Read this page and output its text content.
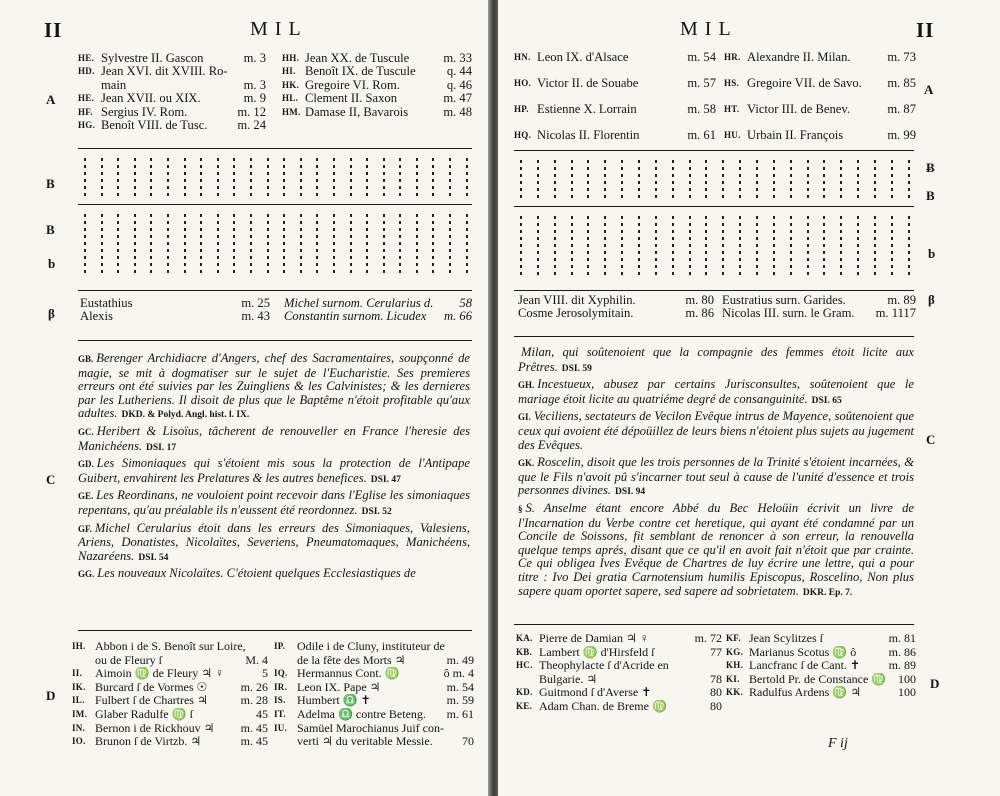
II	MIL
A
B
B
b
β
C
D
HE. Sylvestre II. Gascon	m. 3
HD. Jean XVI. dit XVIII. Ro-
main	m. 3
HE. Jean XVII. ou XIX.	m. 9
HF. Sergius IV. Rom.	m. 12
HG. Benoît VIII. de Tusc.	m. 24
HH. Jean XX. de Tuscule	m. 33
HI. Benoît IX. de Tuscule	q. 44
HK. Gregoire VI. Rom.	q. 46
HL. Clement II. Saxon	m. 47
HM. Damase II, Bavarois	m. 48
Eustathius	m. 25
Alexis	m. 43
Michel surnom. Cerularius d.	58
Constantin surnom. Licudex	m. 66

GB. Berenger Archidiacre d'Angers, chef des Sacramentaires, soupçonné de magie, se mit à dogmatiser sur le sujet de l'Eucharistie. Ses premieres erreurs ont été suivies par les Zuingliens & les Calvinistes; & les dernieres par les Lutheriens. Il disoit de plus que le Baptême n'étoit profitable qu'aux adultes. DKD. & Polyd. Angl. hist. l. IX.

GC. Heribert & Lisoïus, tâcherent de renouveller en France l'heresie des Manichéens. DSI. 17

GD. Les Simoniaques qui s'étoient mis sous la protection de l'Antipape Guibert, envahirent les Prelatures & les autres benefices. DSI. 47

GE. Les Reordinans, ne vouloient point recevoir dans l'Eglise les simoniaques repentans, qu'au préalable ils n'eussent été reordonnez. DSI. 52

GF. Michel Cerularius étoit dans les erreurs des Simoniaques, Valesiens, Ariens, Donatistes, Nicolaïtes, Severiens, Pneumatomaques, Manichéens, Nazaréens. DSI. 54

GG. Les nouveaux Nicolaïtes. C'étoient quelques Ecclesiastiques de

IH. Abbon i de S. Benoît sur Loire,
ou de Fleury ſ	M. 4
II.	Aimoin ♍ de Fleury ♃ ♀	5
IK. Burcard ſ de Vormes ☉	m. 26
IL. Fulbert ſ de Chartres ♃	m. 28
IM. Glaber Radulfe ♍ ſ	45
IN. Bernon i de Rickhouv ♃	m. 45
IO. Brunon ſ de Virtzb. ♃	m. 45
IP. Odile i de Cluny, instituteur de
de la fête des Morts ♃	m. 49
IQ. Hermannus Cont. ♍	ô m. 4
IR. Leon IX. Pape ♃	m. 54
IS. Humbert ♎ ✝	m. 59
IT. Adelma ♎ contre Beteng.	m. 61
IU. Samüel Marochianus Juif con-
verti ♃ du veritable Messie.	70
MIL	II
A
Ƀ
B
b
β
C
D
HN. Leon IX. d'Alsace	m. 54
HO. Victor II. de Souabe	m. 57
HP. Estienne X. Lorrain	m. 58
HQ. Nicolas II. Florentin	m. 61
HR. Alexandre II. Milan.	m. 73
HS. Gregoire VII. de Savo.	m. 85
HT. Victor III. de Benev.	m. 87
HU. Urbain II. François	m. 99
Jean VIII. dit Xyphilin.	m. 80
Cosme Jerosolymitain.	m. 86
Eustratius surn. Garides.	m. 89
Nicolas III. surn. le Gram.	m. 1117

Milan, qui soûtenoient que la compagnie des femmes étoit licite aux Prêtres. DSI. 59

GH. Incestueux, abusez par certains Jurisconsultes, soûtenoient que le mariage étoit licite au quatriéme degré de consanguinité. DSI. 65

GI. Veciliens, sectateurs de Vecilon Evêque intrus de Mayence, soûtenoient que ceux qui avoient été dépoüillez de leurs biens n'étoient plus sujets au jugement des Evêques.

GK. Roscelin, disoit que les trois personnes de la Trinité s'étoient incarnées, & que le Fils n'avoit pû s'incarner tout seul à cause de l'unité d'essence et trois personnes divines. DSI. 94

§ S. Anselme étant encore Abbé du Bec Heloüin écrivit un livre de l'Incarnation du Verbe contre cet heretique, qui ayant été condamné par un Concile de Soissons, fit semblant de renoncer à son erreur, la renouvella quelque temps aprés, disant que ce qu'il en avoit fait n'étoit que par crainte. Ce qui obligea Ives Evêque de Chartres de luy écrire une lettre, qui a pour titre : Ivo Dei gratia Carnotensium humilis Episcopus, Roscelino, Non plus sapere quam oportet sapere, sed sapere ad sobrietatem. DKR. Ep. 7.

KA. Pierre de Damian ♃ ♀	m. 72
KB. Lambert ♍ d'Hirsfeld ſ	77
HC. Theophylacte ſ d'Acride en
Bulgarie. ♃	78
KD. Guitmond ſ d'Averse ✝	80
KE. Adam Chan. de Breme ♍	80
KF. Jean Scylitzes ſ	m. 81
KG. Marianus Scotus ♍ ô	m. 86
KH. Lancfranc ſ de Cant. ✝	m. 89
KI. Bertold Pr. de Constance ♍ 100
KK. Radulfus Ardens ♍ ♃	100
F ij
